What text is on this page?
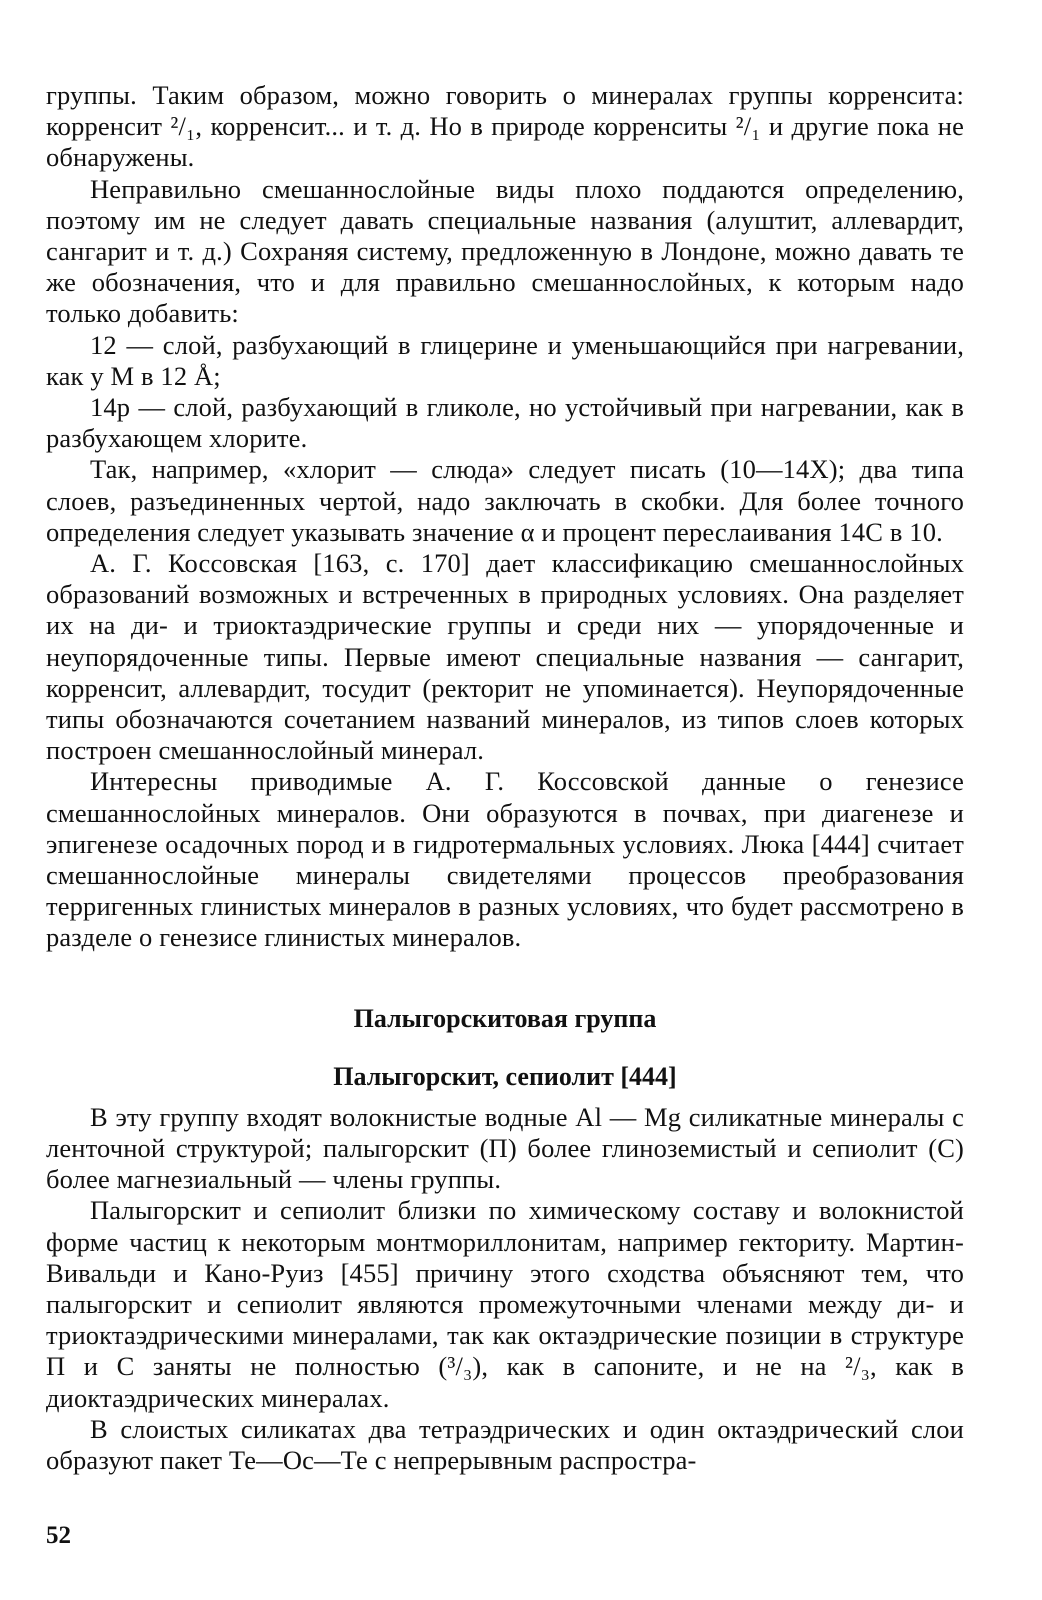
группы. Таким образом, можно говорить о минералах группы корренсита: корренсит ²/₁, корренсит... и т. д. Но в природе корренситы ²/₁ и другие пока не обнаружены.

Неправильно смешаннослойные виды плохо поддаются определению, поэтому им не следует давать специальные названия (алуштит, аллевардит, сангарит и т. д.) Сохраняя систему, предложенную в Лондоне, можно давать те же обозначения, что и для правильно смешаннослойных, к которым надо только добавить:

12 — слой, разбухающий в глицерине и уменьшающийся при нагревании, как у М в 12 Å;

14р — слой, разбухающий в гликоле, но устойчивый при нагревании, как в разбухающем хлорите.

Так, например, «хлорит — слюда» следует писать (10—14Х); два типа слоев, разъединенных чертой, надо заключать в скобки. Для более точного определения следует указывать значение α и процент переслаивания 14С в 10.

А. Г. Коссовская [163, с. 170] дает классификацию смешаннослойных образований возможных и встреченных в природных условиях. Она разделяет их на ди- и триоктаэдрические группы и среди них — упорядоченные и неупорядоченные типы. Первые имеют специальные названия — сангарит, корренсит, аллевардит, тосудит (ректорит не упоминается). Неупорядоченные типы обозначаются сочетанием названий минералов, из типов слоев которых построен смешаннослойный минерал.

Интересны приводимые А. Г. Коссовской данные о генезисе смешаннослойных минералов. Они образуются в почвах, при диагенезе и эпигенезе осадочных пород и в гидротермальных условиях. Люка [444] считает смешаннослойные минералы свидетелями процессов преобразования терригенных глинистых минералов в разных условиях, что будет рассмотрено в разделе о генезисе глинистых минералов.

Палыгорскитовая группа
Палыгорскит, сепиолит [444]

В эту группу входят волокнистые водные Al — Mg силикатные минералы с ленточной структурой; палыгорскит (П) более глиноземистый и сепиолит (С) более магнезиальный — члены группы.

Палыгорскит и сепиолит близки по химическому составу и волокнистой форме частиц к некоторым монтмориллонитам, например гекториту. Мартин-Вивальди и Кано-Руиз [455] причину этого сходства объясняют тем, что палыгорскит и сепиолит являются промежуточными членами между ди- и триоктаэдрическими минералами, так как октаэдрические позиции в структуре П и С заняты не полностью (³/₃), как в сапоните, и не на ²/₃, как в диоктаэдрических минералах.

В слоистых силикатах два тетраэдрических и один октаэдрический слои образуют пакет Те—Ос—Те с непрерывным распростра-

52
